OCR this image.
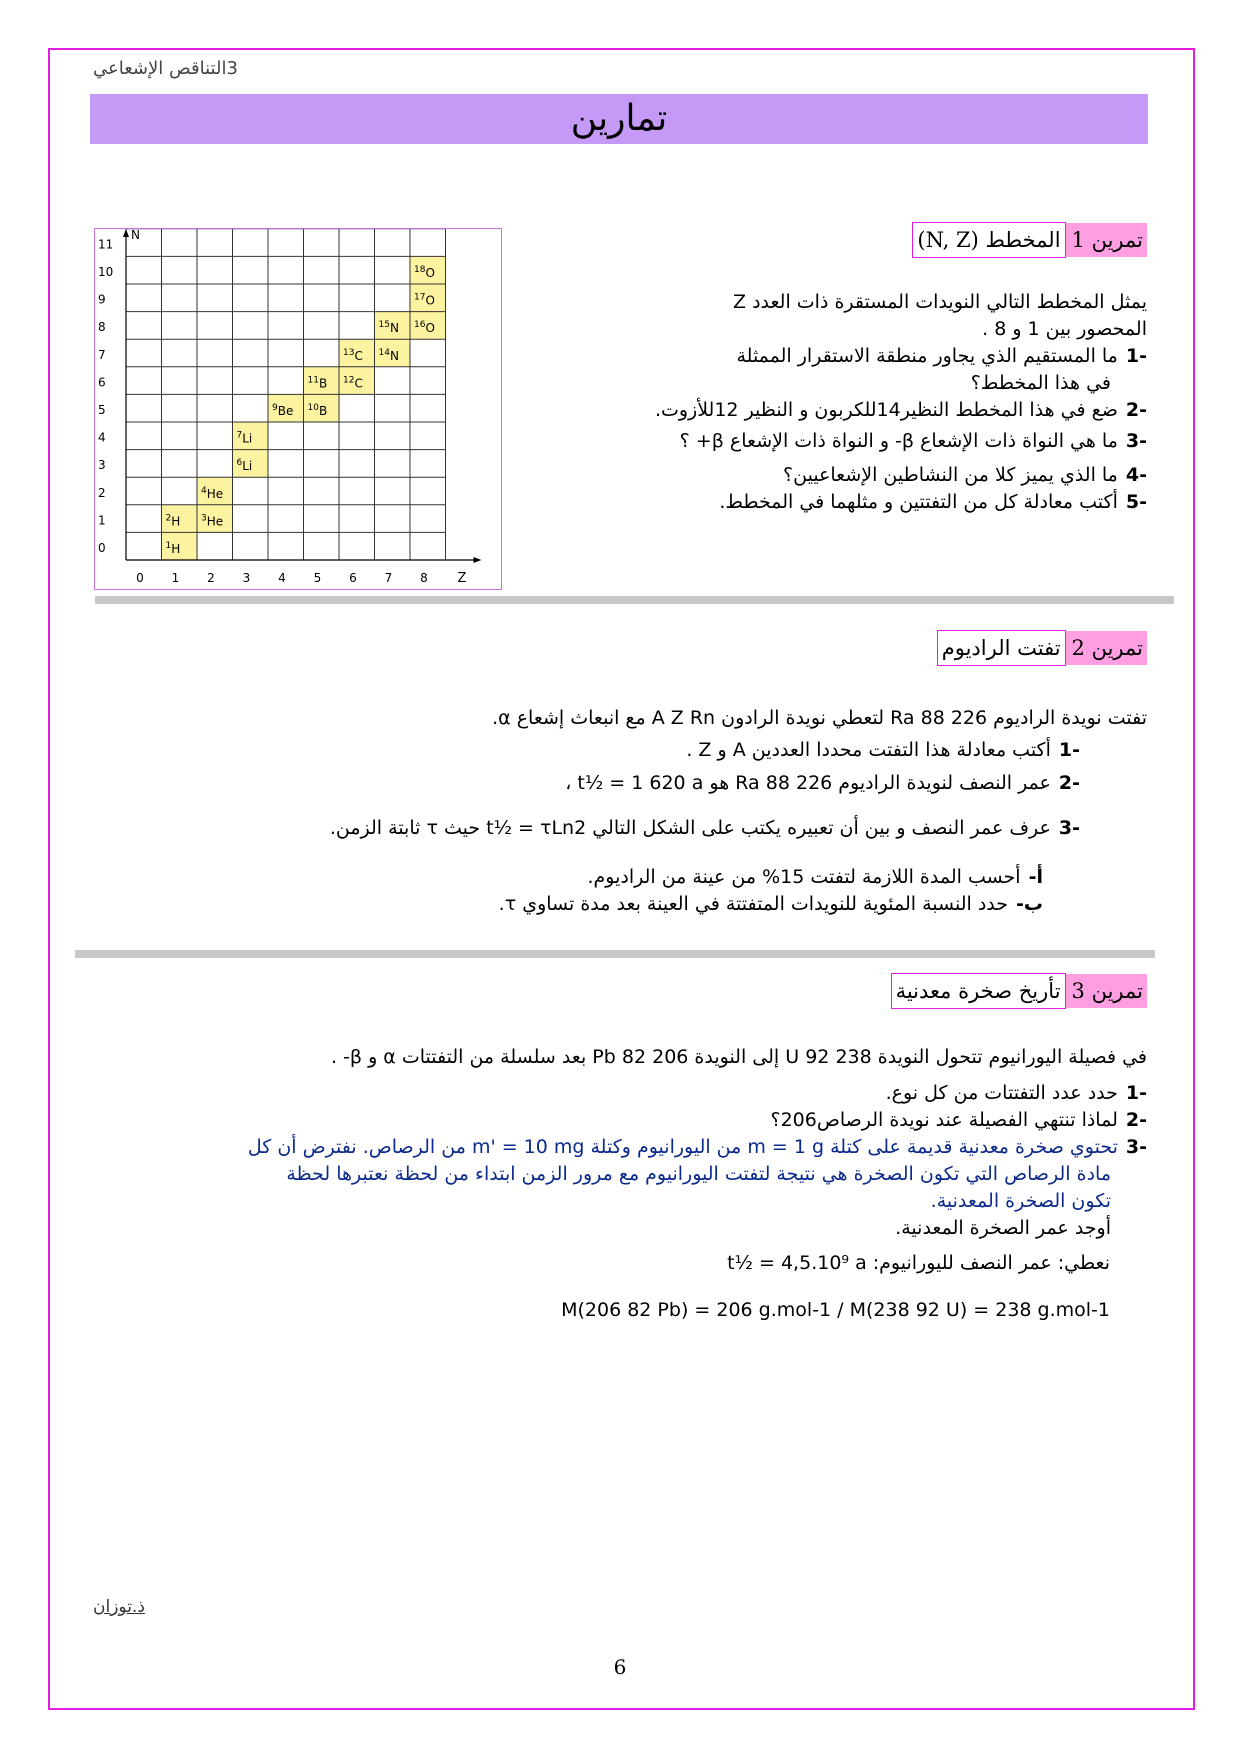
3التناقص الإشعاعي
تمارين
تمرين 1المخطط (N, Z)
يمثل المخطط التالي النويدات المستقرة ذات العدد Z
المحصور بين 1 و 8 .
-1ما المستقيم الذي يجاور منطقة الاستقرار الممثلة
في هذا المخطط؟
-2ضع في هذا المخطط النظير14للكربون و النظير 12للأزوت.
-3ما هي النواة ذات الإشعاع β- و النواة ذات الإشعاع β+ ؟
-4ما الذي يميز كلا من النشاطين الإشعاعيين؟
-5أكتب معادلة كل من التفتتين و مثلهما في المخطط.
Z
N
0 1 2 3 4 5 6 7 8
0
1
2
3
4
5
6
7
8
9
10
11
$^1$H
$^2$H $^3$He
$^4$He
$^6$Li
$^7$Li
$^9$Be $^{10}$B
$^{11}$B $^{12}$C
$^{13}$C $^{14}$N
$^{15}$N $^{16}$O
$^{17}$O
$^{18}$O
تمرين 2تفتت الراديوم
تفتت نويدة الراديوم 226 88 Ra لتعطي نويدة الرادون A Z Rn مع انبعاث إشعاع α.
-1أكتب معادلة هذا التفتت محددا العددين A و Z .
-2عمر النصف لنويدة الراديوم 226 88 Ra هو t½ = 1 620 a ،
-3عرف عمر النصف و بين أن تعبيره يكتب على الشكل التالي t½ = τLn2 حيث τ ثابتة الزمن.
أ-أحسب المدة اللازمة لتفتت 15% من عينة من الراديوم.
ب-حدد النسبة المئوية للنويدات المتفتتة في العينة بعد مدة تساوي τ.
تمرين 3تأريخ صخرة معدنية
في فصيلة اليورانيوم تتحول النويدة 238 92 U إلى النويدة 206 82 Pb بعد سلسلة من التفتتات α و β- .
-1حدد عدد التفتتات من كل نوع.
-2لماذا تنتهي الفصيلة عند نويدة الرصاص206؟
-3تحتوي صخرة معدنية قديمة على كتلة m = 1 g من اليورانيوم وكتلة m' = 10 mg من الرصاص. نفترض أن كل
مادة الرصاص التي تكون الصخرة هي نتيجة لتفتت اليورانيوم مع مرور الزمن ابتداء من لحظة نعتبرها لحظة
تكون الصخرة المعدنية.
أوجد عمر الصخرة المعدنية.
نعطي: عمر النصف لليورانيوم: t½ = 4,5.10⁹ a
M(206 82 Pb) = 206 g.mol-1 / M(238 92 U) = 238 g.mol-1
ذ.توزان
6
